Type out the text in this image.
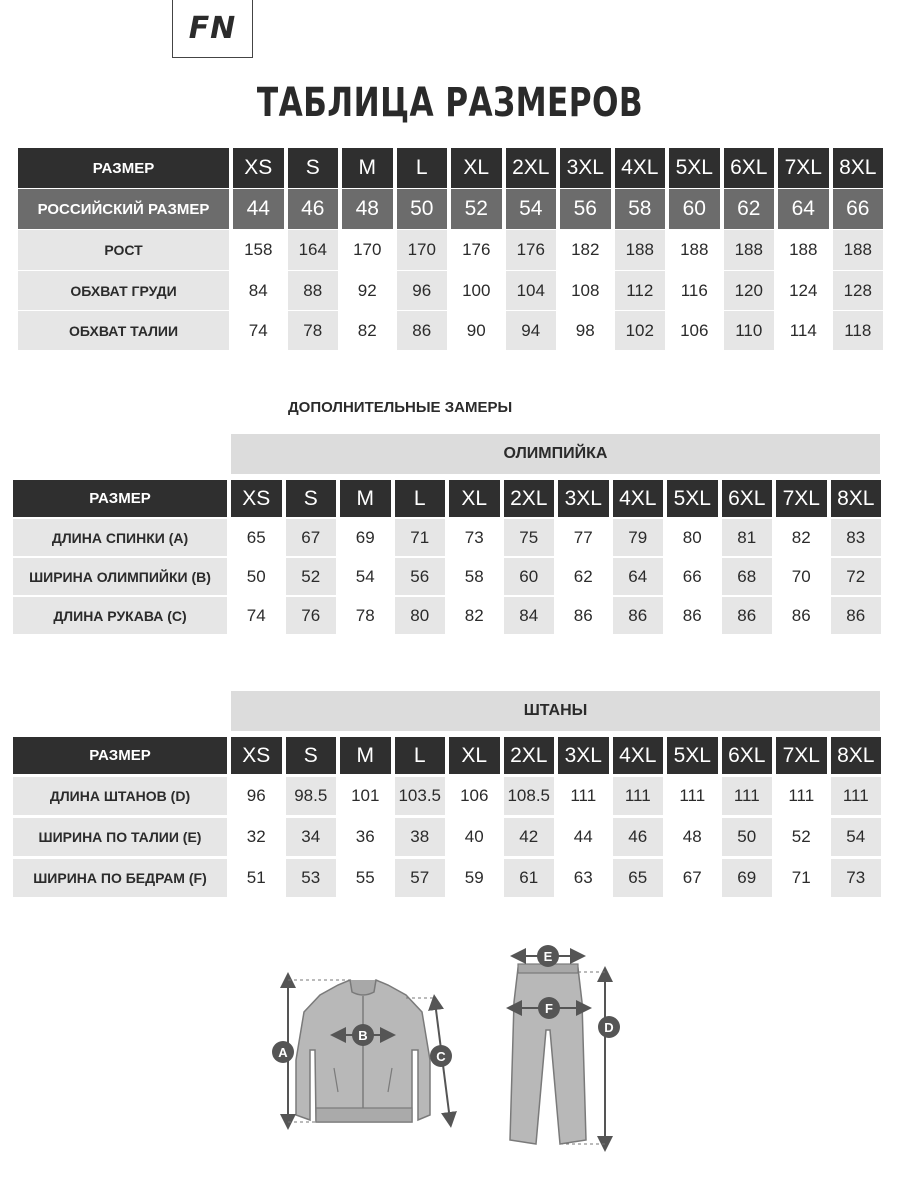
FN
ТАБЛИЦА РАЗМЕРОВ
РАЗМЕР	XS	S	M	L	XL	2XL 3XL 4XL 5XL 6XL 7XL 8XL
РОССИЙСКИЙ РАЗМЕР	44	46	48	50	52	54	56	58	60	62	64	66
РОСТ	158	164	170	170	176	176	182	188	188	188	188	188
ОБХВАТ ГРУДИ	84	88	92	96	100	104	108	112	116	120	124	128
ОБХВАТ ТАЛИИ	74	78	82	86	90	94	98	102	106	110	114	118
ДОПОЛНИТЕЛЬНЫЕ ЗАМЕРЫ
ОЛИМПИЙКА
РАЗМЕР	XS	S	M	L	XL	2XL 3XL 4XL 5XL 6XL 7XL 8XL
ДЛИНА СПИНКИ (A)	65	67	69	71	73	75	77	79	80	81	82	83
ШИРИНА ОЛИМПИЙКИ (B)	50	52	54	56	58	60	62	64	66	68	70	72
ДЛИНА РУКАВА (C)	74	76	78	80	82	84	86	86	86	86	86	86
ШТАНЫ
РАЗМЕР	XS	S	M	L	XL	2XL 3XL 4XL 5XL 6XL 7XL 8XL
ДЛИНА ШТАНОВ (D)	96	98.5	101	103.5	106	108.5	111	111	111	111	111	111
ШИРИНА ПО ТАЛИИ (E)	32	34	36	38	40	42	44	46	48	50	52	54
ШИРИНА ПО БЕДРАМ (F)	51	53	55	57	59	61	63	65	67	69	71	73
A
B
C
E
F
D
